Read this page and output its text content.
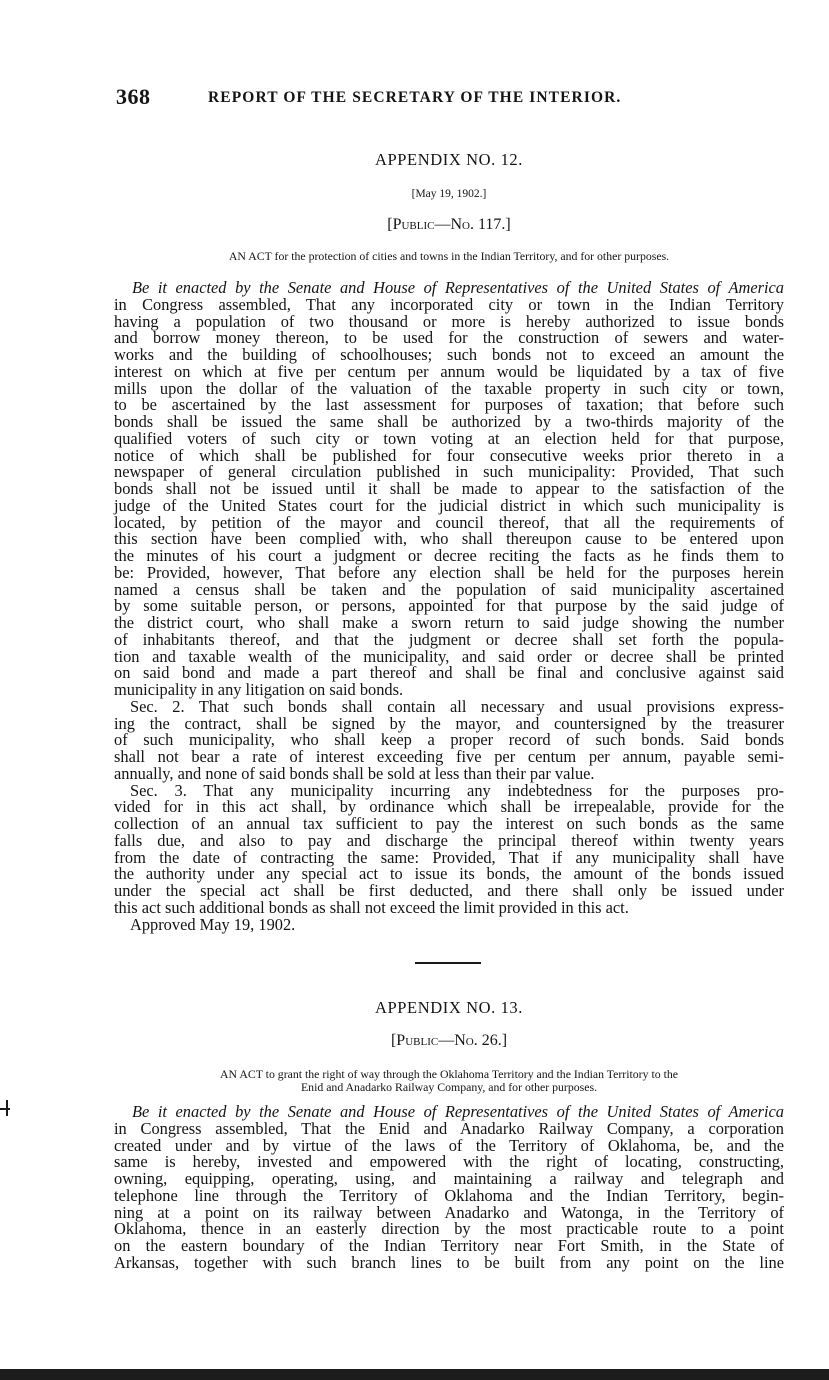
368	REPORT OF THE SECRETARY OF THE INTERIOR.
APPENDIX NO. 12.
[May 19, 1902.]
[Public—No. 117.]
AN ACT for the protection of cities and towns in the Indian Territory, and for other purposes.
Be it enacted by the Senate and House of Representatives of the United States of America
in Congress assembled, That any incorporated city or town in the Indian Territory
having a population of two thousand or more is hereby authorized to issue bonds
and borrow money thereon, to be used for the construction of sewers and water-
works and the building of schoolhouses; such bonds not to exceed an amount the
interest on which at five per centum per annum would be liquidated by a tax of five
mills upon the dollar of the valuation of the taxable property in such city or town,
to be ascertained by the last assessment for purposes of taxation; that before such
bonds shall be issued the same shall be authorized by a two-thirds majority of the
qualified voters of such city or town voting at an election held for that purpose,
notice of which shall be published for four consecutive weeks prior thereto in a
newspaper of general circulation published in such municipality: Provided, That such
bonds shall not be issued until it shall be made to appear to the satisfaction of the
judge of the United States court for the judicial district in which such municipality is
located, by petition of the mayor and council thereof, that all the requirements of
this section have been complied with, who shall thereupon cause to be entered upon
the minutes of his court a judgment or decree reciting the facts as he finds them to
be: Provided, however, That before any election shall be held for the purposes herein
named a census shall be taken and the population of said municipality ascertained
by some suitable person, or persons, appointed for that purpose by the said judge of
the district court, who shall make a sworn return to said judge showing the number
of inhabitants thereof, and that the judgment or decree shall set forth the popula-
tion and taxable wealth of the municipality, and said order or decree shall be printed
on said bond and made a part thereof and shall be final and conclusive against said
municipality in any litigation on said bonds.
Sec. 2. That such bonds shall contain all necessary and usual provisions express-
ing the contract, shall be signed by the mayor, and countersigned by the treasurer
of such municipality, who shall keep a proper record of such bonds. Said bonds
shall not bear a rate of interest exceeding five per centum per annum, payable semi-
annually, and none of said bonds shall be sold at less than their par value.
Sec. 3. That any municipality incurring any indebtedness for the purposes pro-
vided for in this act shall, by ordinance which shall be irrepealable, provide for the
collection of an annual tax sufficient to pay the interest on such bonds as the same
falls due, and also to pay and discharge the principal thereof within twenty years
from the date of contracting the same: Provided, That if any municipality shall have
the authority under any special act to issue its bonds, the amount of the bonds issued
under the special act shall be first deducted, and there shall only be issued under
this act such additional bonds as shall not exceed the limit provided in this act.
Approved May 19, 1902.
APPENDIX NO. 13.
[Public—No. 26.]
AN ACT to grant the right of way through the Oklahoma Territory and the Indian Territory to the
Enid and Anadarko Railway Company, and for other purposes.
Be it enacted by the Senate and House of Representatives of the United States of America
in Congress assembled, That the Enid and Anadarko Railway Company, a corporation
created under and by virtue of the laws of the Territory of Oklahoma, be, and the
same is hereby, invested and empowered with the right of locating, constructing,
owning, equipping, operating, using, and maintaining a railway and telegraph and
telephone line through the Territory of Oklahoma and the Indian Territory, begin-
ning at a point on its railway between Anadarko and Watonga, in the Territory of
Oklahoma, thence in an easterly direction by the most practicable route to a point
on the eastern boundary of the Indian Territory near Fort Smith, in the State of
Arkansas, together with such branch lines to be built from any point on the line
